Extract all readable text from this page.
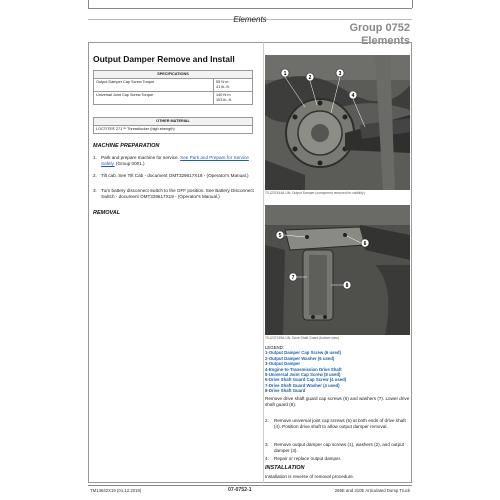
Elements
Group 0752
Elements
Output Damper Remove and Install
SPECIFICATIONS	
Output Damper Cap Screw Torque	55 N·m
41 lb.-ft.
Universal Joint Cap Screw Torque	140 N·m
103 lb.-ft.
OTHER MATERIAL
LOCTITE® 271™ Threadlocker (high strength)
MACHINE PREPARATION
1. Park and prepare machine for service. See Park and Prepare for Service Safely. (Group 0001.)
2. Tilt cab. See Tilt Cab - document OMT329617X19 - (Operator's Manual.)
3. Turn battery disconnect switch to the OFF position. See Battery Disconnect Switch - document OMT329617X19 - (Operator's Manual.)
REMOVAL
1
2
3
4
TX1237444A-UN: Output Damper (component removed for visibility)
5
6
7
8
TX1237139A-UN: Drive Shaft Guard (bottom view)
LEGEND:
1-Output Damper Cap Screw (6 used)
2-Output Damper Washer (6 used)
3-Output Damper
4-Engine-to-Transmission Drive Shaft
5-Universal Joint Cap Screw (8 used)
6-Drive Shaft Guard Cap Screw (4 used)
7-Drive Shaft Guard Washer (4 used)
8-Drive Shaft Guard
Remove drive shaft guard cap screws (6) and washers (7). Lower drive shaft guard (8).
2. Remove universal joint cap screws (5) at both ends of drive shaft (4). Position drive shaft to allow output damper removal.
3. Remove output damper cap screws (1), washers (2), and output damper (3).
4. Repair or replace output damper.
INSTALLATION
Installation is reverse of removal procedure.
TM13842X19 (01.12.2019)	07-0752-1	265E and 310E Articulated Dump Truck
